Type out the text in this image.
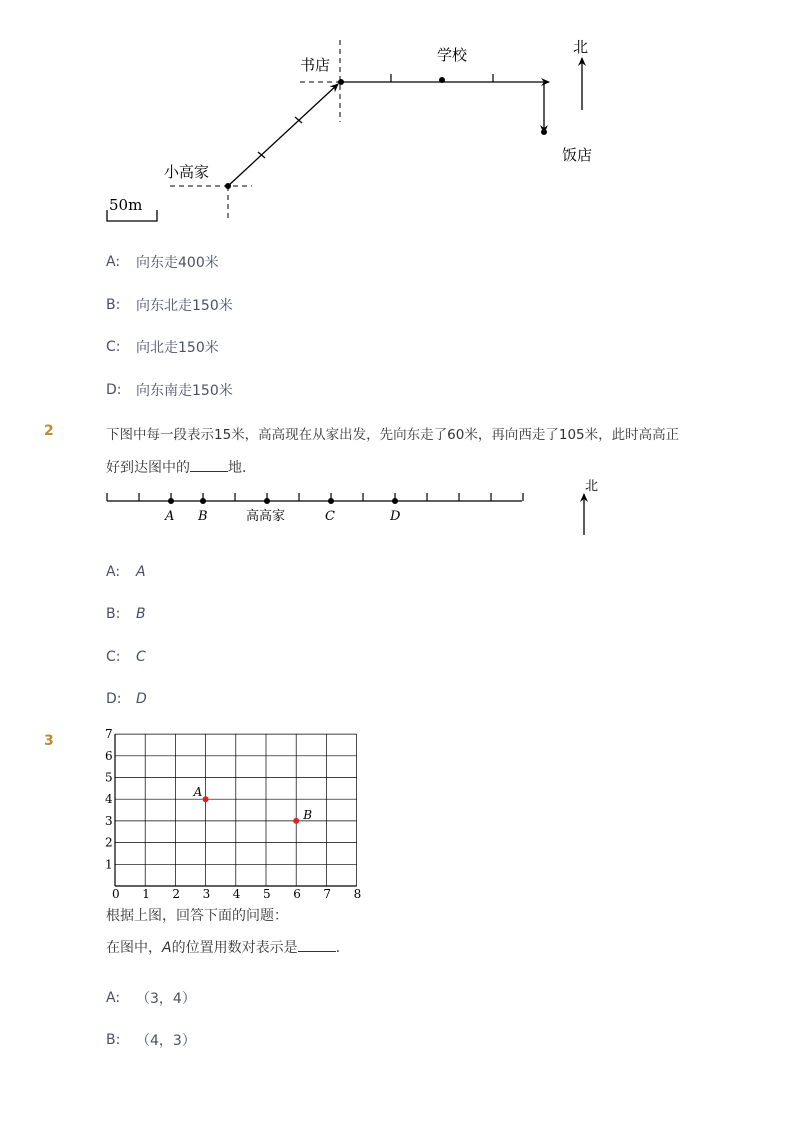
书店
学校	北
饭店
小高家
50m
A:	向东走400米
B:	向东北走150米
C:	向北走150米
D:	向东南走150米
2	下图中每一段表示15米，高高现在从家出发，先向东走了60米，再向西走了105米，此时高高正
好到达图中的	地.
A B	高高家	C	D
北
A:	A
B:	B
C:	C
D:	D
3
0 1 2 3 4 5 6 7 8
1
2
3
4
5
6
7
A
B
根据上图，回答下面的问题：
在图中，A的位置用数对表示是	.
A:	（3，4）
B:	（4，3）
